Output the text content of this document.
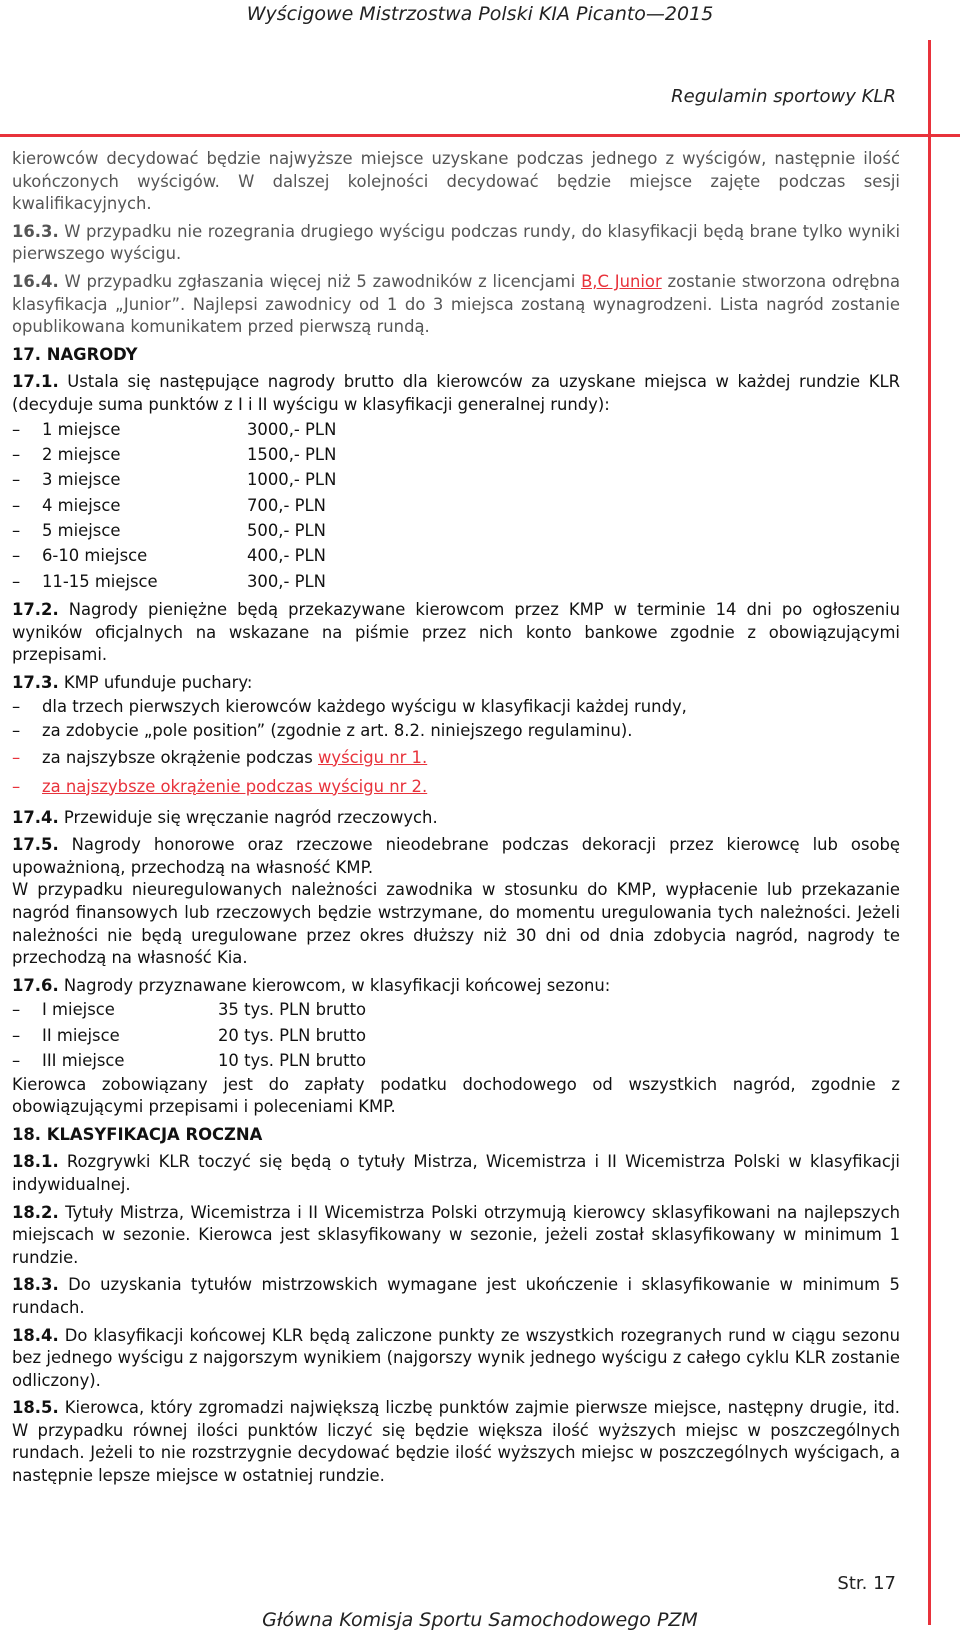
Wyścigowe Mistrzostwa Polski KIA Picanto—2015
Regulamin sportowy KLR

kierowców decydować będzie najwyższe miejsce uzyskane podczas jednego z wyścigów, następnie ilość ukończonych wyścigów. W dalszej kolejności decydować będzie miejsce zajęte podczas sesji kwalifikacyjnych.

16.3. W przypadku nie rozegrania drugiego wyścigu podczas rundy, do klasyfikacji będą brane tylko wyniki pierwszego wyścigu.

16.4. W przypadku zgłaszania więcej niż 5 zawodników z licencjami B,C Junior zostanie stworzona odrębna klasyfikacja „Junior”. Najlepsi zawodnicy od 1 do 3 miejsca zostaną wynagrodzeni. Lista nagród zostanie opublikowana komunikatem przed pierwszą rundą.

17. NAGRODY

17.1. Ustala się następujące nagrody brutto dla kierowców za uzyskane miejsca w każdej rundzie KLR (decyduje suma punktów z I i II wyścigu w klasyfikacji generalnej rundy):

– 1 miejsce	3000,- PLN
– 2 miejsce	1500,- PLN
– 3 miejsce	1000,- PLN
– 4 miejsce	700,- PLN
– 5 miejsce	500,- PLN
– 6-10 miejsce	400,- PLN
– 11-15 miejsce	300,- PLN

17.2. Nagrody pieniężne będą przekazywane kierowcom przez KMP w terminie 14 dni po ogłoszeniu wyników oficjalnych na wskazane na piśmie przez nich konto bankowe zgodnie z obowiązującymi przepisami.

17.3. KMP ufunduje puchary:

– dla trzech pierwszych kierowców każdego wyścigu w klasyfikacji każdej rundy,

– za zdobycie „pole position” (zgodnie z art. 8.2. niniejszego regulaminu).

– za najszybsze okrążenie podczas wyścigu nr 1.

– za najszybsze okrążenie podczas wyścigu nr 2.

17.4. Przewiduje się wręczanie nagród rzeczowych.

17.5. Nagrody honorowe oraz rzeczowe nieodebrane podczas dekoracji przez kierowcę lub osobę upoważnioną, przechodzą na własność KMP.

W przypadku nieuregulowanych należności zawodnika w stosunku do KMP, wypłacenie lub przekazanie nagród finansowych lub rzeczowych będzie wstrzymane, do momentu uregulowania tych należności. Jeżeli należności nie będą uregulowane przez okres dłuższy niż 30 dni od dnia zdobycia nagród, nagrody te przechodzą na własność Kia.

17.6. Nagrody przyznawane kierowcom, w klasyfikacji końcowej sezonu:

– I miejsce	35 tys. PLN brutto
– II miejsce	20 tys. PLN brutto
– III miejsce	10 tys. PLN brutto

Kierowca zobowiązany jest do zapłaty podatku dochodowego od wszystkich nagród, zgodnie z obowiązującymi przepisami i poleceniami KMP.

18. KLASYFIKACJA ROCZNA

18.1. Rozgrywki KLR toczyć się będą o tytuły Mistrza, Wicemistrza i II Wicemistrza Polski w klasyfikacji indywidualnej.

18.2. Tytuły Mistrza, Wicemistrza i II Wicemistrza Polski otrzymują kierowcy sklasyfikowani na najlepszych miejscach w sezonie. Kierowca jest sklasyfikowany w sezonie, jeżeli został sklasyfikowany w minimum 1 rundzie.

18.3. Do uzyskania tytułów mistrzowskich wymagane jest ukończenie i sklasyfikowanie w minimum 5 rundach.

18.4. Do klasyfikacji końcowej KLR będą zaliczone punkty ze wszystkich rozegranych rund w ciągu sezonu bez jednego wyścigu z najgorszym wynikiem (najgorszy wynik jednego wyścigu z całego cyklu KLR zostanie odliczony).

18.5. Kierowca, który zgromadzi największą liczbę punktów zajmie pierwsze miejsce, następny drugie, itd. W przypadku równej ilości punktów liczyć się będzie większa ilość wyższych miejsc w poszczególnych rundach. Jeżeli to nie rozstrzygnie decydować będzie ilość wyższych miejsc w poszczególnych wyścigach, a następnie lepsze miejsce w ostatniej rundzie.

Str. 17
Główna Komisja Sportu Samochodowego PZM
